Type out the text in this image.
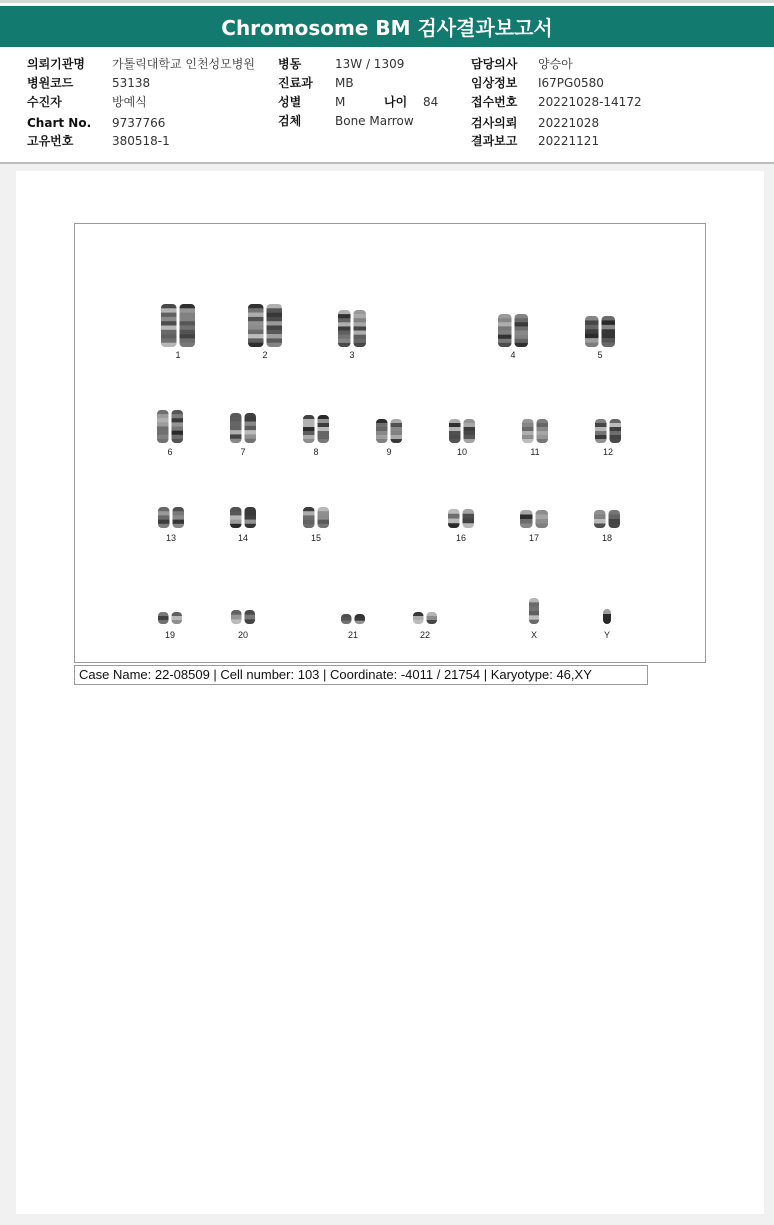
Chromosome BM 검사결과보고서
의뢰기관명 가톨릭대학교 인천성모병원
병원코드	53138
수진자	방예식
Chart No. 9737766
고유번호	380518-1
병동	13W / 1309
진료과 MB
성별	M	나이 84
검체	Bone Marrow
담당의사 양승아
임상정보 I67PG0580
접수번호 20221028-14172
검사의뢰 20221028
결과보고 20221121
1	2	3	4	5
6	7	8	9	10	11	12
13	14	15	16	17	18
19	20	21	22	X	Y
Case Name: 22-08509 | Cell number: 103 | Coordinate: -4011 / 21754 | Karyotype: 46,XY
